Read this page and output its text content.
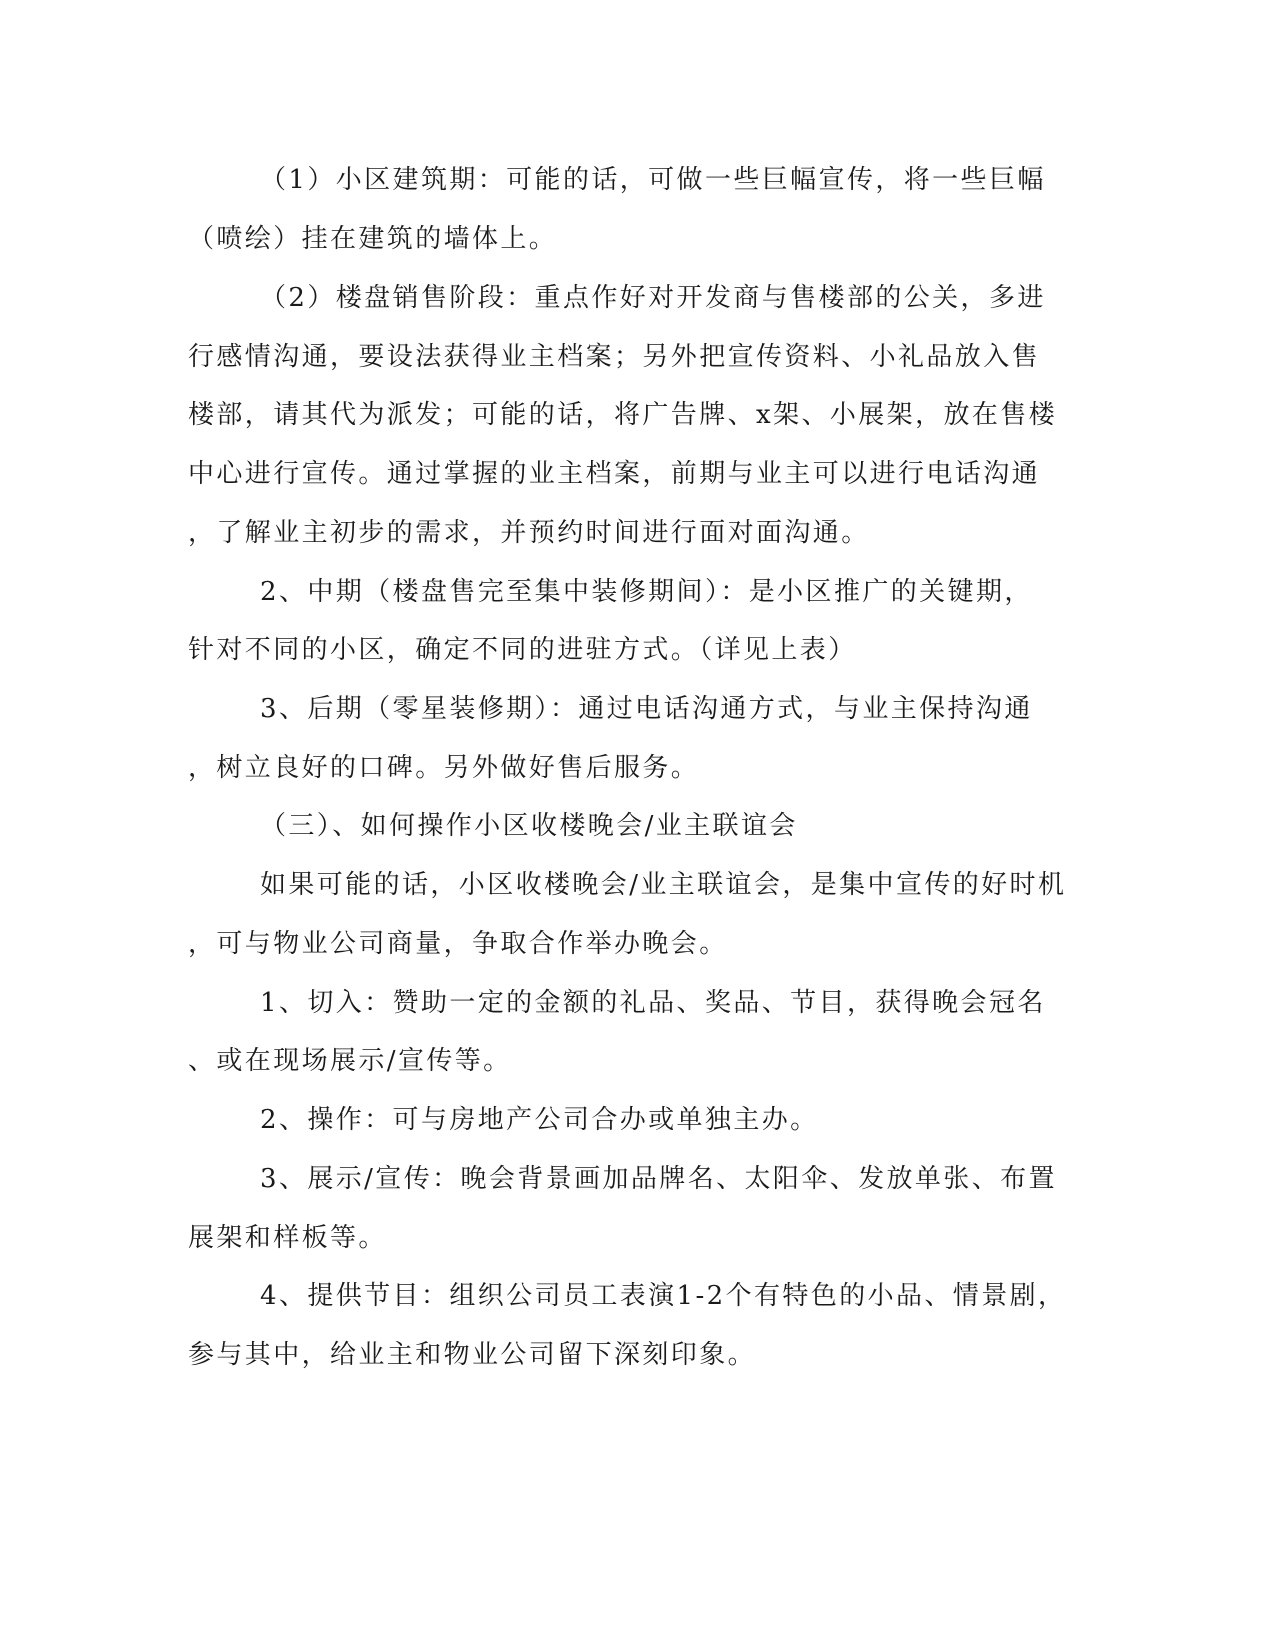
（1）小区建筑期：可能的话，可做一些巨幅宣传，将一些巨幅
（喷绘）挂在建筑的墙体上。
（2）楼盘销售阶段：重点作好对开发商与售楼部的公关，多进
行感情沟通，要设法获得业主档案；另外把宣传资料、小礼品放入售
楼部，请其代为派发；可能的话，将广告牌、x架、小展架，放在售楼
中心进行宣传。通过掌握的业主档案，前期与业主可以进行电话沟通
，了解业主初步的需求，并预约时间进行面对面沟通。
2、中期（楼盘售完至集中装修期间）：是小区推广的关键期，
针对不同的小区，确定不同的进驻方式。（详见上表）
3、后期（零星装修期）：通过电话沟通方式，与业主保持沟通
，树立良好的口碑。另外做好售后服务。
（三）、如何操作小区收楼晚会/业主联谊会
如果可能的话，小区收楼晚会/业主联谊会，是集中宣传的好时机
，可与物业公司商量，争取合作举办晚会。
1、切入：赞助一定的金额的礼品、奖品、节目，获得晚会冠名
、或在现场展示/宣传等。
2、操作：可与房地产公司合办或单独主办。
3、展示/宣传：晚会背景画加品牌名、太阳伞、发放单张、布置
展架和样板等。
4、提供节目：组织公司员工表演1-2个有特色的小品、情景剧，
参与其中，给业主和物业公司留下深刻印象。
